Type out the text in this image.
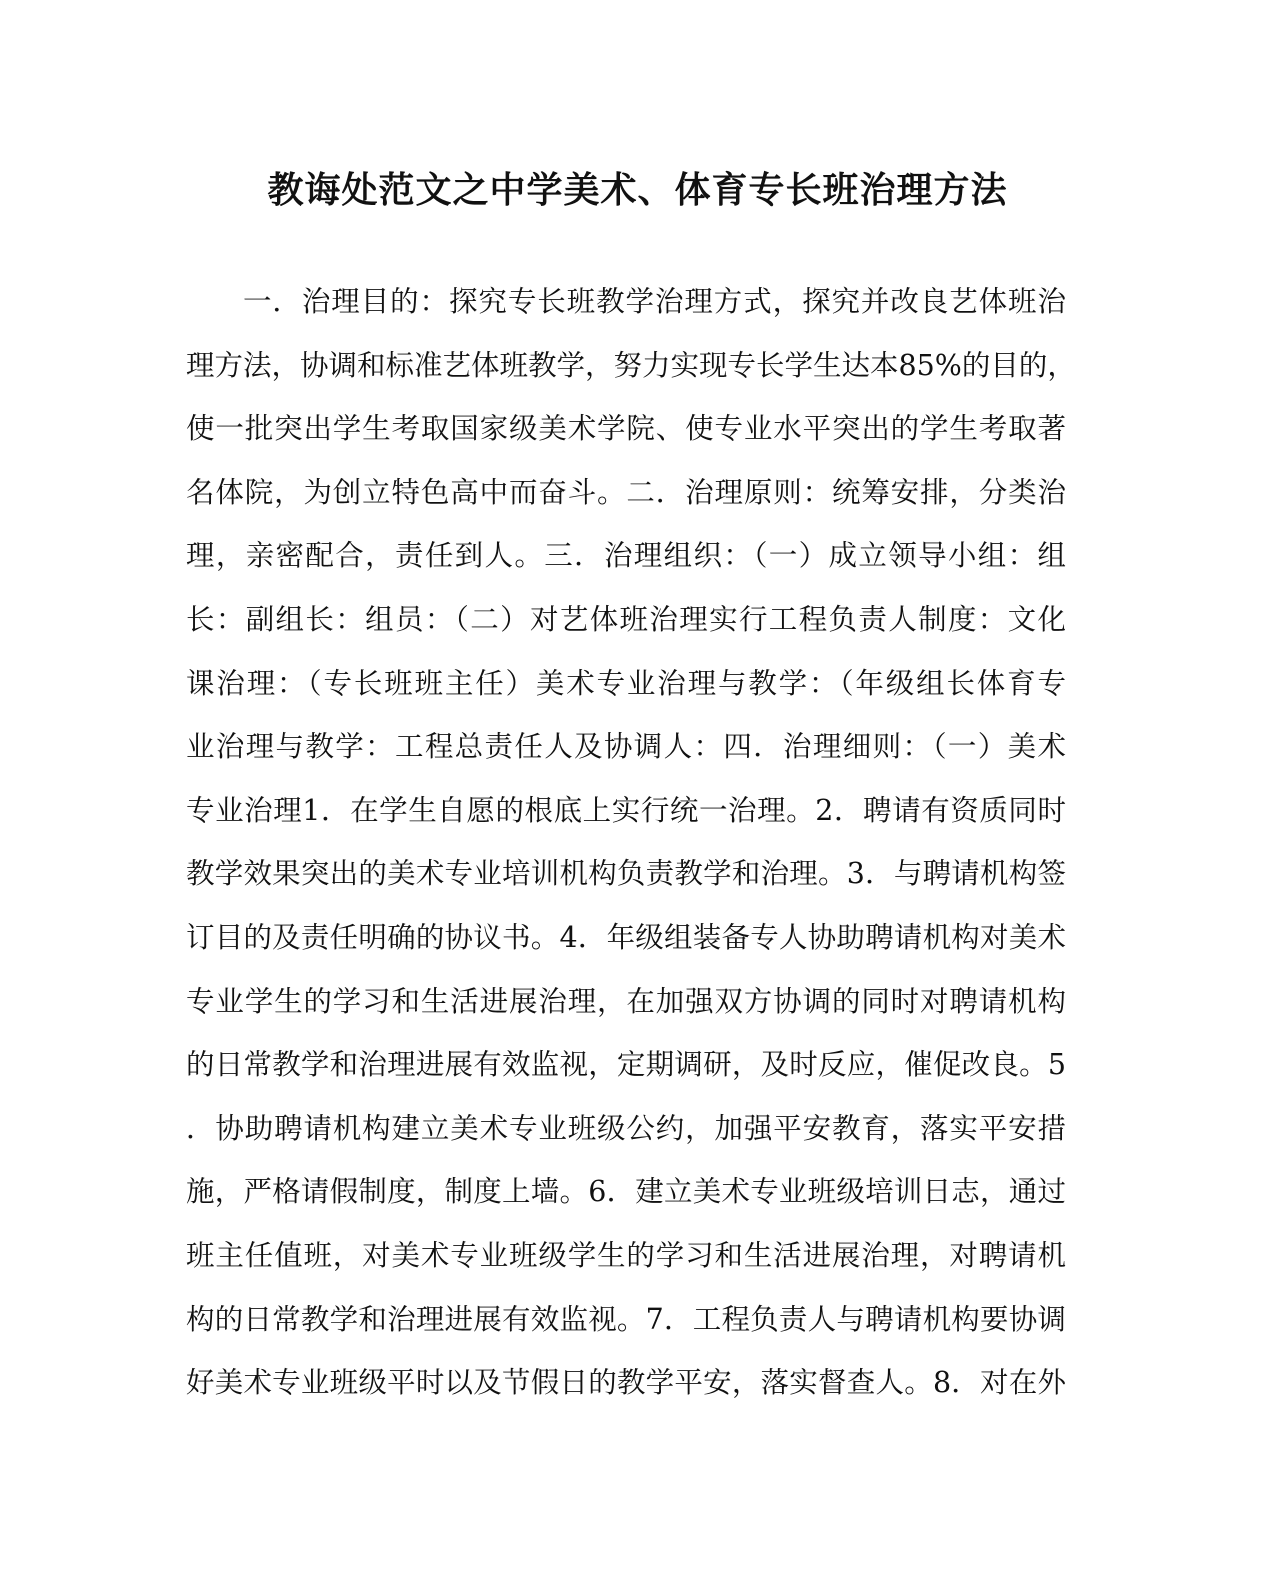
教诲处范文之中学美术、体育专长班治理方法
一．治理目的：探究专长班教学治理方式，探究并改良艺体班治
理方法，协调和标准艺体班教学，努力实现专长学生达本85%的目的，
使一批突出学生考取国家级美术学院、使专业水平突出的学生考取著
名体院，为创立特色高中而奋斗。二．治理原则：统筹安排，分类治
理，亲密配合，责任到人。三．治理组织：（一）成立领导小组：组
长：副组长：组员：（二）对艺体班治理实行工程负责人制度：文化
课治理：（专长班班主任）美术专业治理与教学：（年级组长体育专
业治理与教学：工程总责任人及协调人：四．治理细则：（一）美术
专业治理1．在学生自愿的根底上实行统一治理。2．聘请有资质同时
教学效果突出的美术专业培训机构负责教学和治理。3．与聘请机构签
订目的及责任明确的协议书。4．年级组装备专人协助聘请机构对美术
专业学生的学习和生活进展治理，在加强双方协调的同时对聘请机构
的日常教学和治理进展有效监视，定期调研，及时反应，催促改良。5
．协助聘请机构建立美术专业班级公约，加强平安教育，落实平安措
施，严格请假制度，制度上墙。6．建立美术专业班级培训日志，通过
班主任值班，对美术专业班级学生的学习和生活进展治理，对聘请机
构的日常教学和治理进展有效监视。7．工程负责人与聘请机构要协调
好美术专业班级平时以及节假日的教学平安，落实督查人。8．对在外
